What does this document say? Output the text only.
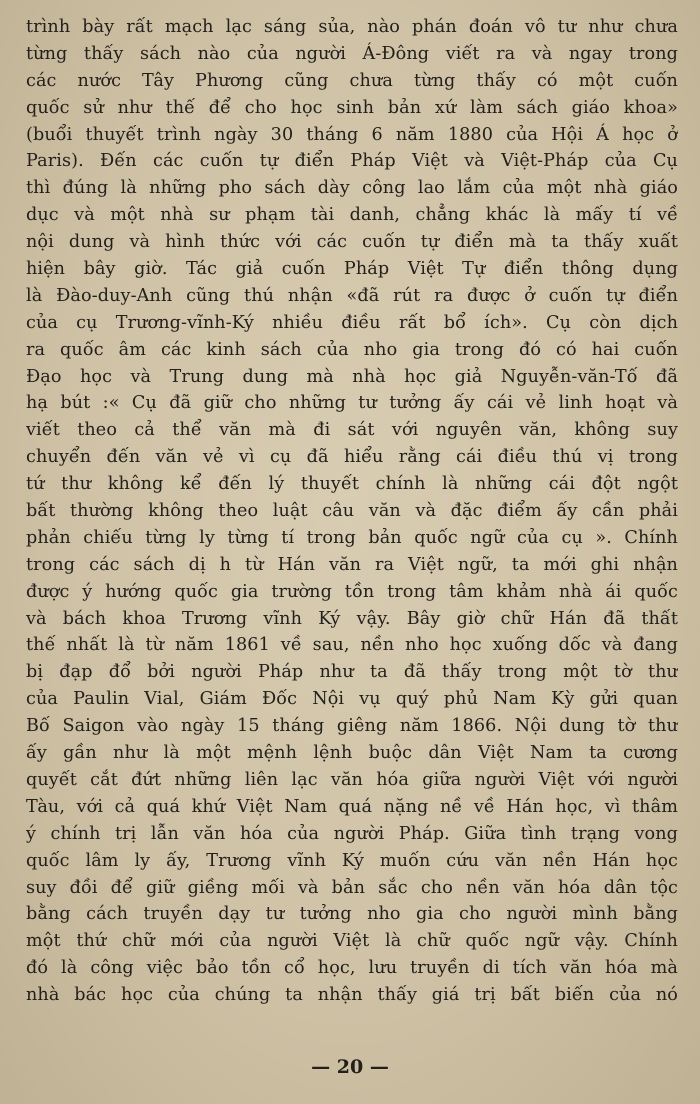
trình bày rất mạch lạc sáng sủa, nào phán đoán vô tư như chưa
từng thấy sách nào của người Á-Đông viết ra và ngay trong
các nước Tây Phương cũng chưa từng thấy có một cuốn
quốc sử như thế để cho học sinh bản xứ làm sách giáo khoa»
(buổi thuyết trình ngày 30 tháng 6 năm 1880 của Hội Á học ở
Paris). Đến các cuốn tự điển Pháp Việt và Việt-Pháp của Cụ
thì đúng là những pho sách dày công lao lắm của một nhà giáo
dục và một nhà sư phạm tài danh, chẳng khác là mấy tí về
nội dung và hình thức với các cuốn tự điển mà ta thấy xuất
hiện bây giờ. Tác giả cuốn Pháp Việt Tự điển thông dụng
là Đào-duy-Anh cũng thú nhận «đã rút ra được ở cuốn tự điển
của cụ Trương-vĩnh-Ký nhiều điều rất bổ ích». Cụ còn dịch
ra quốc âm các kinh sách của nho gia trong đó có hai cuốn
Đạo học và Trung dung mà nhà học giả Nguyễn-văn-Tố đã
hạ bút :« Cụ đã giữ cho những tư tưởng ấy cái vẻ linh hoạt và
viết theo cả thể văn mà đi sát với nguyên văn, không suy
chuyển đến văn vẻ vì cụ đã hiểu rằng cái điều thú vị trong
tứ thư không kể đến lý thuyết chính là những cái đột ngột
bất thường không theo luật câu văn và đặc điểm ấy cần phải
phản chiếu từng ly từng tí trong bản quốc ngữ của cụ ». Chính
trong các sách dị h từ Hán văn ra Việt ngữ, ta mới ghi nhận
được ý hướng quốc gia trường tồn trong tâm khảm nhà ái quốc
và bách khoa Trương vĩnh Ký vậy. Bây giờ chữ Hán đã thất
thế nhất là từ năm 1861 về sau, nền nho học xuống dốc và đang
bị đạp đổ bởi người Pháp như ta đã thấy trong một tờ thư
của Paulin Vial, Giám Đốc Nội vụ quý phủ Nam Kỳ gửi quan
Bố Saigon vào ngày 15 tháng giêng năm 1866. Nội dung tờ thư
ấy gần như là một mệnh lệnh buộc dân Việt Nam ta cương
quyết cắt đứt những liên lạc văn hóa giữa người Việt với người
Tàu, với cả quá khứ Việt Nam quá nặng nề về Hán học, vì thâm
ý chính trị lẫn văn hóa của người Pháp. Giữa tình trạng vong
quốc lâm ly ấy, Trương vĩnh Ký muốn cứu văn nền Hán học
suy đồi để giữ giềng mối và bản sắc cho nền văn hóa dân tộc
bằng cách truyền dạy tư tưởng nho gia cho người mình bằng
một thứ chữ mới của người Việt là chữ quốc ngữ vậy. Chính
đó là công việc bảo tồn cổ học, lưu truyền di tích văn hóa mà
nhà bác học của chúng ta nhận thấy giá trị bất biến của nó
— 20 —
